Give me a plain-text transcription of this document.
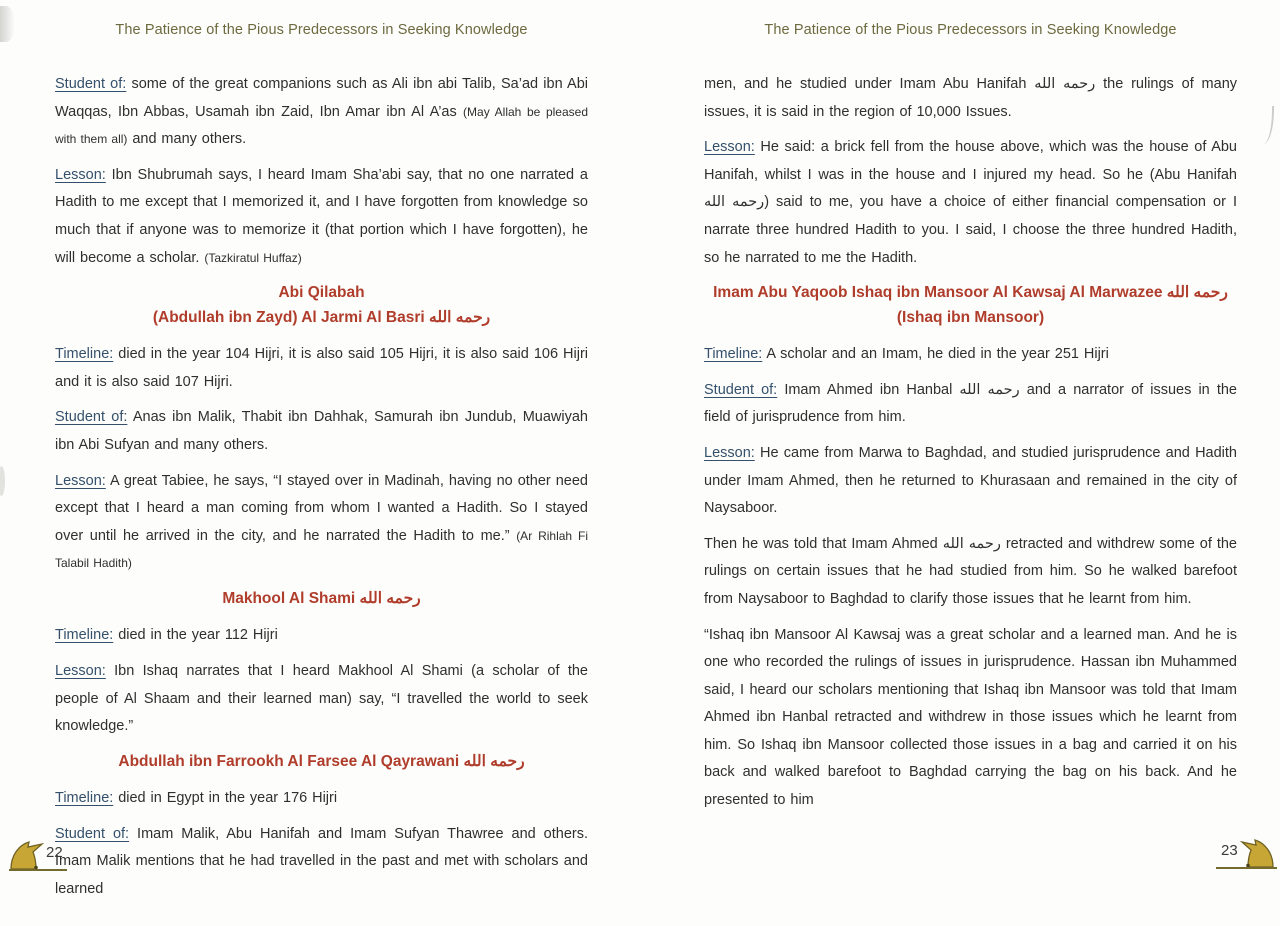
The Patience of the Pious Predecessors in Seeking Knowledge

Student of: some of the great companions such as Ali ibn abi Talib, Sa’ad ibn Abi Waqqas, Ibn Abbas, Usamah ibn Zaid, Ibn Amar ibn Al A’as (May Allah be pleased with them all) and many others.

Lesson: Ibn Shubrumah says, I heard Imam Sha’abi say, that no one narrated a Hadith to me except that I memorized it, and I have forgotten from knowledge so much that if anyone was to memorize it (that portion which I have forgotten), he will become a scholar. (Tazkiratul Huffaz)

Abi Qilabah
(Abdullah ibn Zayd) Al Jarmi Al Basri رحمه الله

Timeline: died in the year 104 Hijri, it is also said 105 Hijri, it is also said 106 Hijri and it is also said 107 Hijri.

Student of: Anas ibn Malik, Thabit ibn Dahhak, Samurah ibn Jundub, Muawiyah ibn Abi Sufyan and many others.

Lesson: A great Tabiee, he says, “I stayed over in Madinah, having no other need except that I heard a man coming from whom I wanted a Hadith. So I stayed over until he arrived in the city, and he narrated the Hadith to me.” (Ar Rihlah Fi Talabil Hadith)

Makhool Al Shami رحمه الله

Timeline: died in the year 112 Hijri

Lesson: Ibn Ishaq narrates that I heard Makhool Al Shami (a scholar of the people of Al Shaam and their learned man) say, “I travelled the world to seek knowledge.”

Abdullah ibn Farrookh Al Farsee Al Qayrawani رحمه الله

Timeline: died in Egypt in the year 176 Hijri

Student of: Imam Malik, Abu Hanifah and Imam Sufyan Thawree and others. Imam Malik mentions that he had travelled in the past and met with scholars and learned

The Patience of the Pious Predecessors in Seeking Knowledge

men, and he studied under Imam Abu Hanifah رحمه الله the rulings of many issues, it is said in the region of 10,000 Issues.

Lesson: He said: a brick fell from the house above, which was the house of Abu Hanifah, whilst I was in the house and I injured my head. So he (Abu Hanifah رحمه الله) said to me, you have a choice of either financial compensation or I narrate three hundred Hadith to you. I said, I choose the three hundred Hadith, so he narrated to me the Hadith.

Imam Abu Yaqoob Ishaq ibn Mansoor Al Kawsaj Al Marwazee رحمه الله
(Ishaq ibn Mansoor)

Timeline: A scholar and an Imam, he died in the year 251 Hijri

Student of: Imam Ahmed ibn Hanbal رحمه الله and a narrator of issues in the field of jurisprudence from him.

Lesson: He came from Marwa to Baghdad, and studied jurisprudence and Hadith under Imam Ahmed, then he returned to Khurasaan and remained in the city of Naysaboor.

Then he was told that Imam Ahmed رحمه الله retracted and withdrew some of the rulings on certain issues that he had studied from him. So he walked barefoot from Naysaboor to Baghdad to clarify those issues that he learnt from him.

“Ishaq ibn Mansoor Al Kawsaj was a great scholar and a learned man. And he is one who recorded the rulings of issues in jurisprudence. Hassan ibn Muhammed said, I heard our scholars mentioning that Ishaq ibn Mansoor was told that Imam Ahmed ibn Hanbal retracted and withdrew in those issues which he learnt from him. So Ishaq ibn Mansoor collected those issues in a bag and carried it on his back and walked barefoot to Baghdad carrying the bag on his back. And he presented to him

22	23
